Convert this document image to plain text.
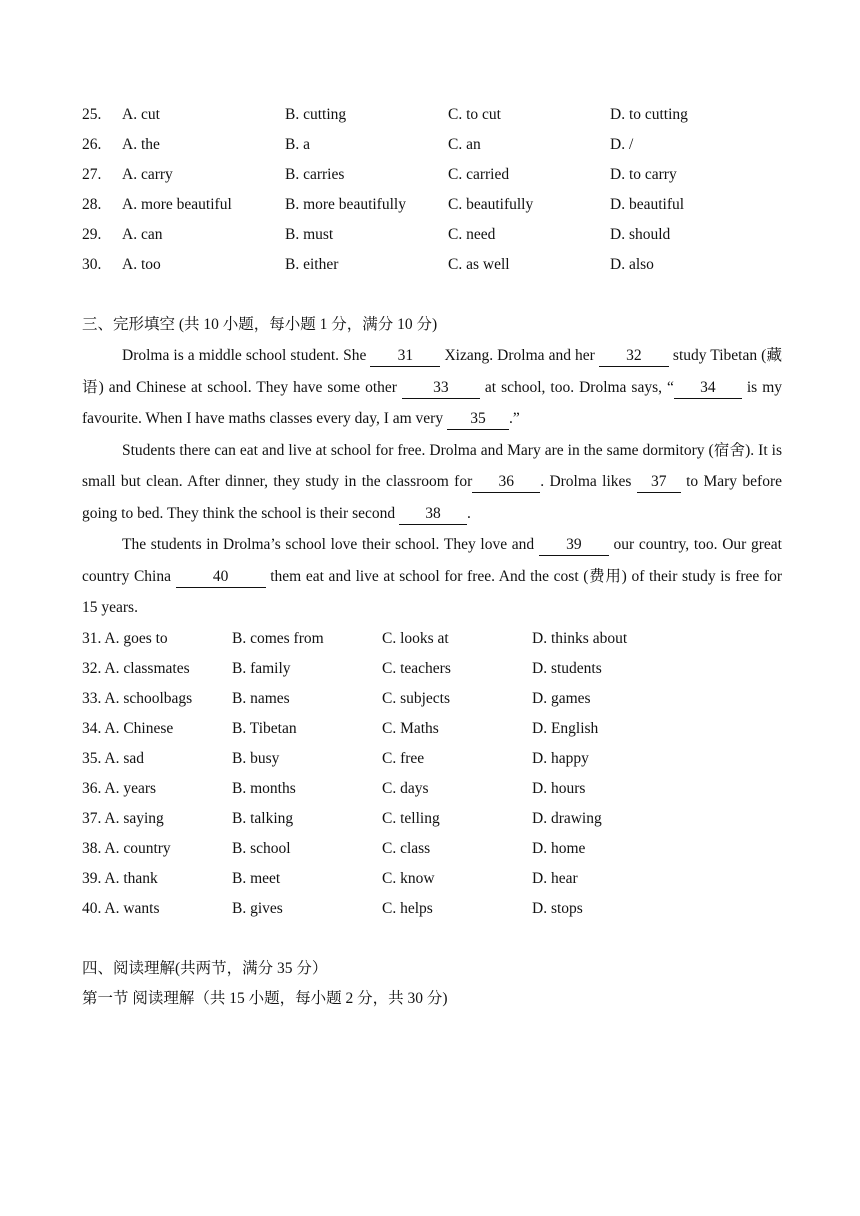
25. A. cut	B. cutting	C. to cut	D. to cutting
26. A. the	B. a	C. an	D. /
27. A. carry	B. carries	C. carried	D. to carry
28. A. more beautiful	B. more beautifully	C. beautifully	D. beautiful
29. A. can	B. must	C. need	D. should
30. A. too	B. either	C. as well	D. also
三、完形填空 (共 10 小题，每小题 1 分，满分 10 分)

Drolma is a middle school student. She 31 Xizang. Drolma and her 32 study Tibetan (藏语) and Chinese at school. They have some other 33 at school, too. Drolma says, “ 34 is my favourite. When I have maths classes every day, I am very 35 .”

Students there can eat and live at school for free. Drolma and Mary are in the same dormitory (宿舍). It is small but clean. After dinner, they study in the classroom for 36 . Drolma likes 37 to Mary before going to bed. They think the school is their second 38 .

The students in Drolma’s school love their school. They love and 39 our country, too. Our great country China 40 them eat and live at school for free. And the cost (费用) of their study is free for 15 years.

31. A. goes to	B. comes from	C. looks at	D. thinks about
32. A. classmates	B. family	C. teachers	D. students
33. A. schoolbags	B. names	C. subjects	D. games
34. A. Chinese	B. Tibetan	C. Maths	D. English
35. A. sad	B. busy	C. free	D. happy
36. A. years	B. months	C. days	D. hours
37. A. saying	B. talking	C. telling	D. drawing
38. A. country	B. school	C. class	D. home
39. A. thank	B. meet	C. know	D. hear
40. A. wants	B. gives	C. helps	D. stops
四、阅读理解(共两节，满分 35 分）
第一节 阅读理解（共 15 小题，每小题 2 分，共 30 分)
